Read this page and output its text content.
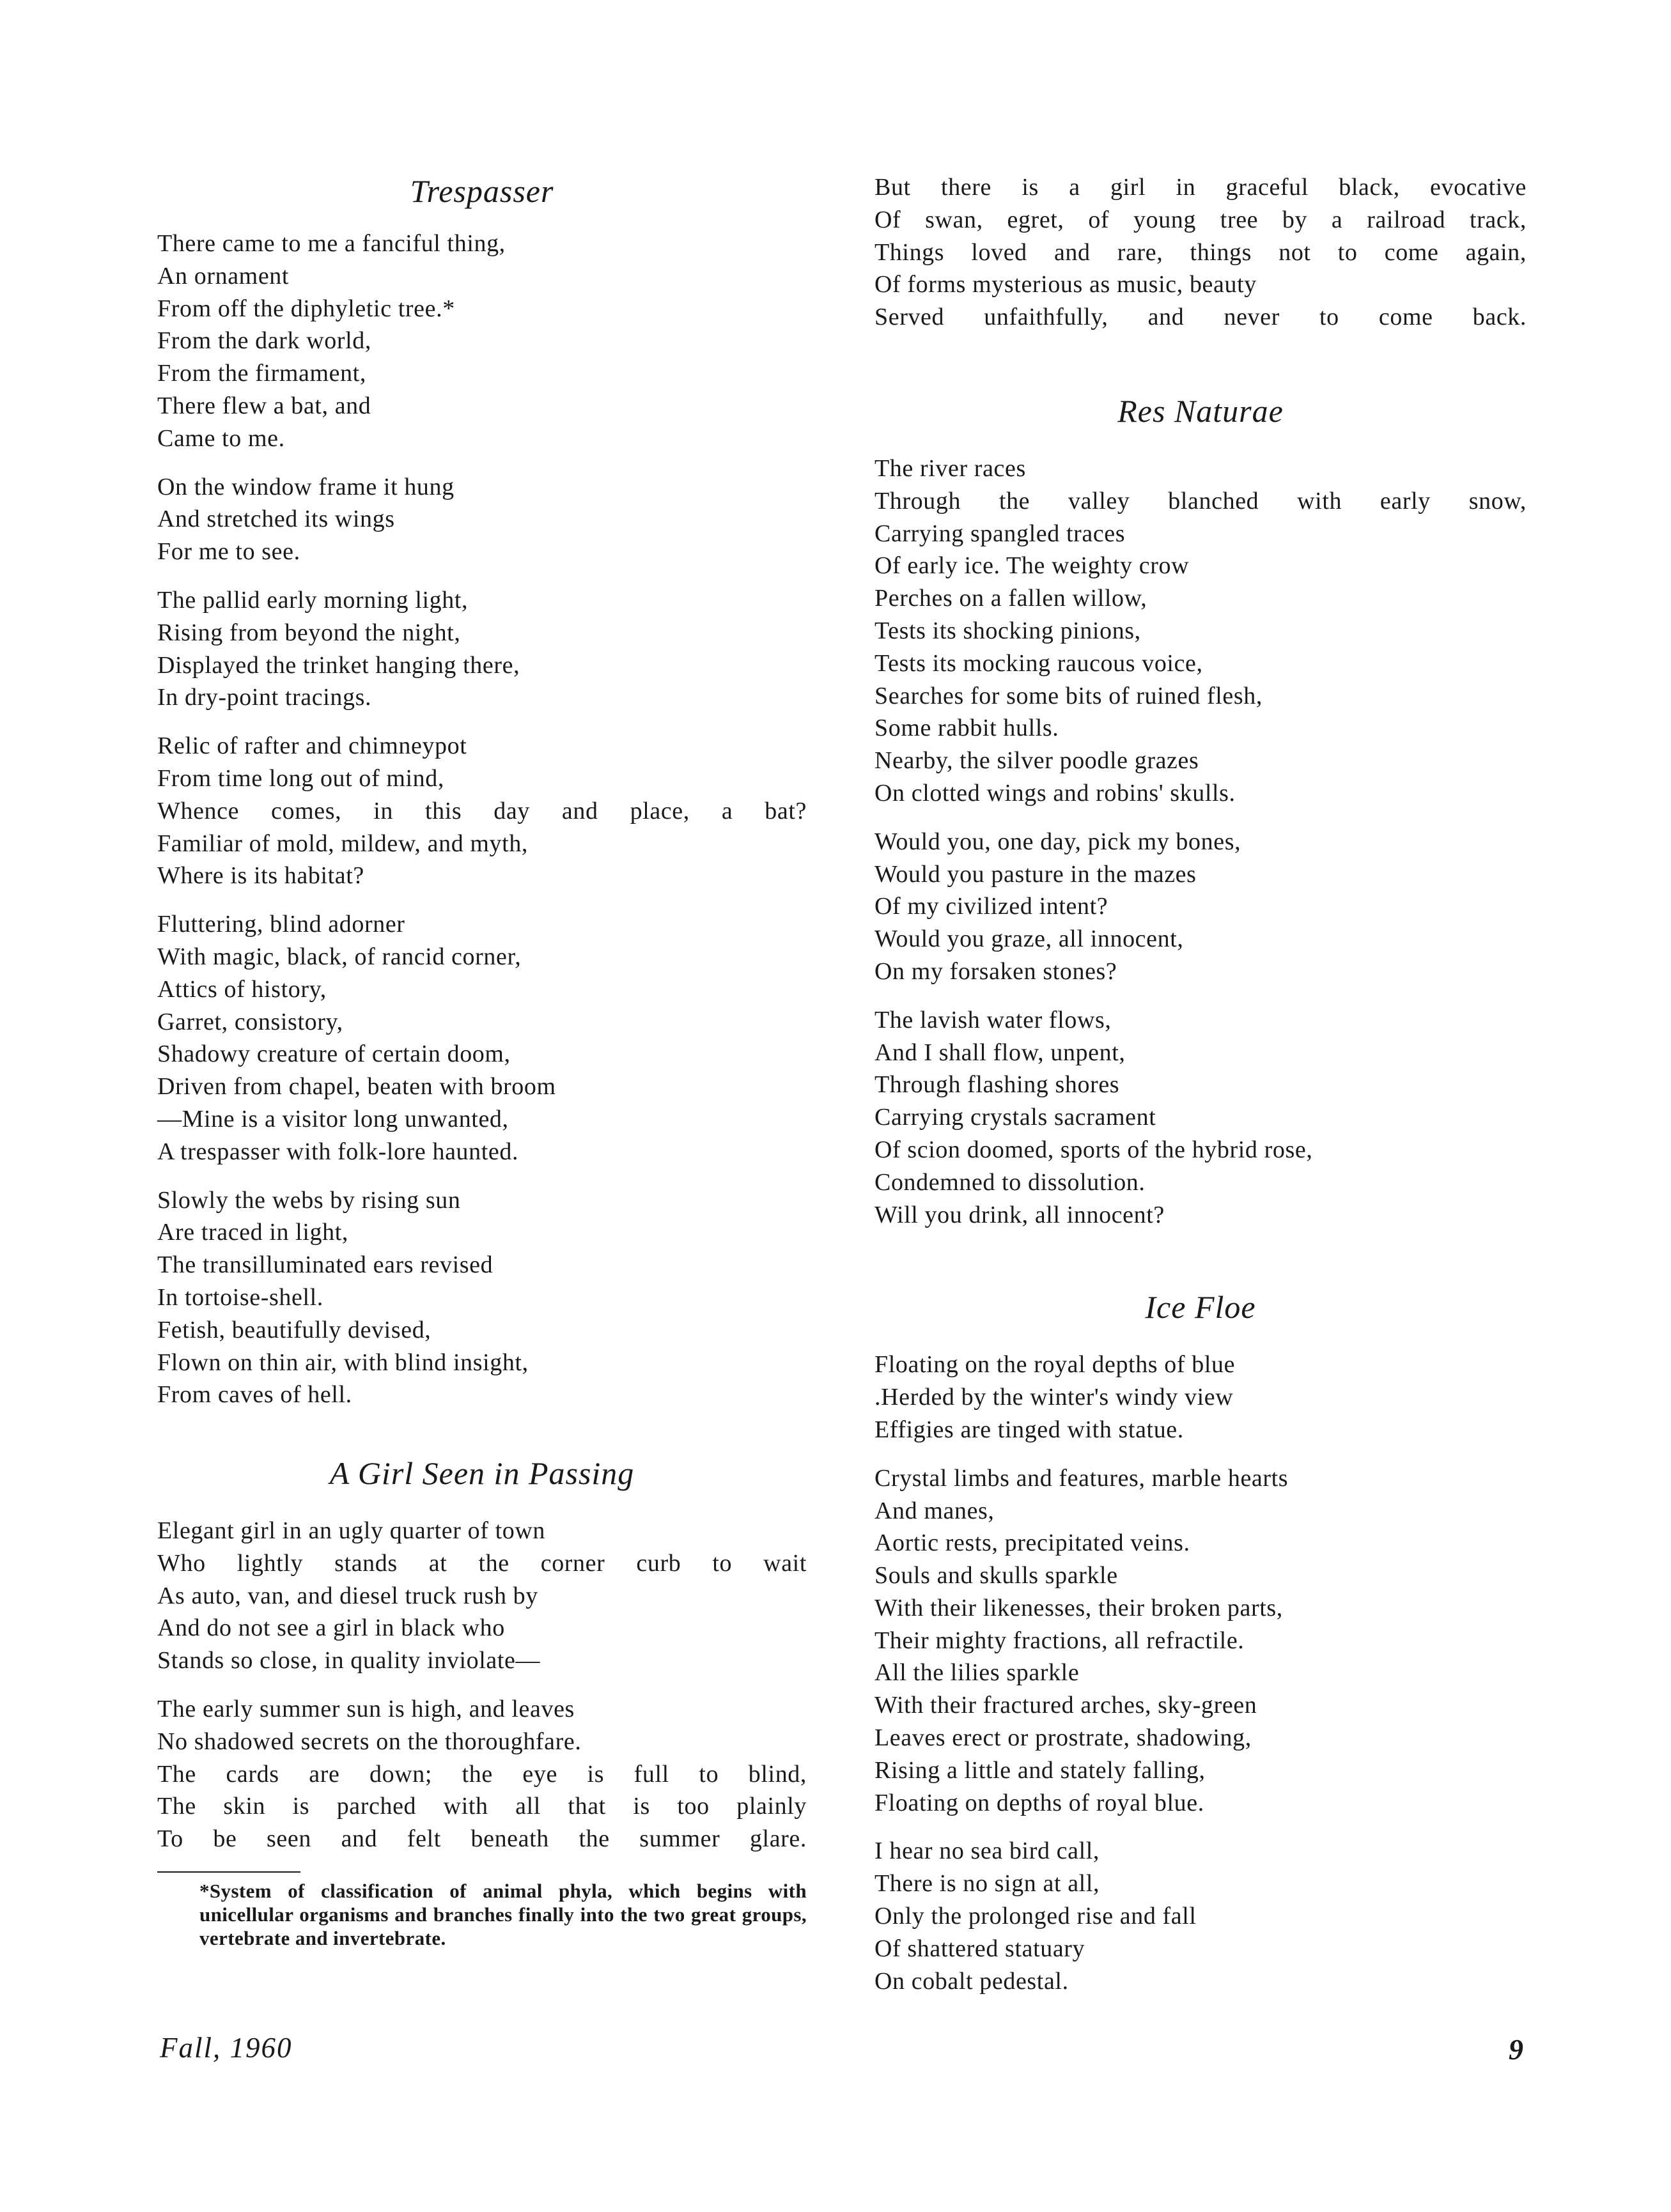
Trespasser
There came to me a fanciful thing,
An ornament
From off the diphyletic tree.*
From the dark world,
From the firmament,
There flew a bat, and
Came to me.
On the window frame it hung
And stretched its wings
For me to see.
The pallid early morning light,
Rising from beyond the night,
Displayed the trinket hanging there,
In dry-point tracings.
Relic of rafter and chimneypot
From time long out of mind,
Whence comes, in this day and place, a bat?
Familiar of mold, mildew, and myth,
Where is its habitat?
Fluttering, blind adorner
With magic, black, of rancid corner,
Attics of history,
Garret, consistory,
Shadowy creature of certain doom,
Driven from chapel, beaten with broom
—Mine is a visitor long unwanted,
A trespasser with folk-lore haunted.
Slowly the webs by rising sun
Are traced in light,
The transilluminated ears revised
In tortoise-shell.
Fetish, beautifully devised,
Flown on thin air, with blind insight,
From caves of hell.
A Girl Seen in Passing
Elegant girl in an ugly quarter of town
Who lightly stands at the corner curb to wait
As auto, van, and diesel truck rush by
And do not see a girl in black who
Stands so close, in quality inviolate—
The early summer sun is high, and leaves
No shadowed secrets on the thoroughfare.
The cards are down; the eye is full to blind,
The skin is parched with all that is too plainly
To be seen and felt beneath the summer glare.
*System of classification of animal phyla, which begins with unicellular organisms and branches finally into the two great groups, vertebrate and invertebrate.
But there is a girl in graceful black, evocative
Of swan, egret, of young tree by a railroad track,
Things loved and rare, things not to come again,
Of forms mysterious as music, beauty
Served unfaithfully, and never to come back.
Res Naturae
The river races
Through the valley blanched with early snow,
Carrying spangled traces
Of early ice. The weighty crow
Perches on a fallen willow,
Tests its shocking pinions,
Tests its mocking raucous voice,
Searches for some bits of ruined flesh,
Some rabbit hulls.
Nearby, the silver poodle grazes
On clotted wings and robins' skulls.
Would you, one day, pick my bones,
Would you pasture in the mazes
Of my civilized intent?
Would you graze, all innocent,
On my forsaken stones?
The lavish water flows,
And I shall flow, unpent,
Through flashing shores
Carrying crystals sacrament
Of scion doomed, sports of the hybrid rose,
Condemned to dissolution.
Will you drink, all innocent?
Ice Floe
Floating on the royal depths of blue
.Herded by the winter's windy view
Effigies are tinged with statue.
Crystal limbs and features, marble hearts
And manes,
Aortic rests, precipitated veins.
Souls and skulls sparkle
With their likenesses, their broken parts,
Their mighty fractions, all refractile.
All the lilies sparkle
With their fractured arches, sky-green
Leaves erect or prostrate, shadowing,
Rising a little and stately falling,
Floating on depths of royal blue.
I hear no sea bird call,
There is no sign at all,
Only the prolonged rise and fall
Of shattered statuary
On cobalt pedestal.
Fall, 1960	9
